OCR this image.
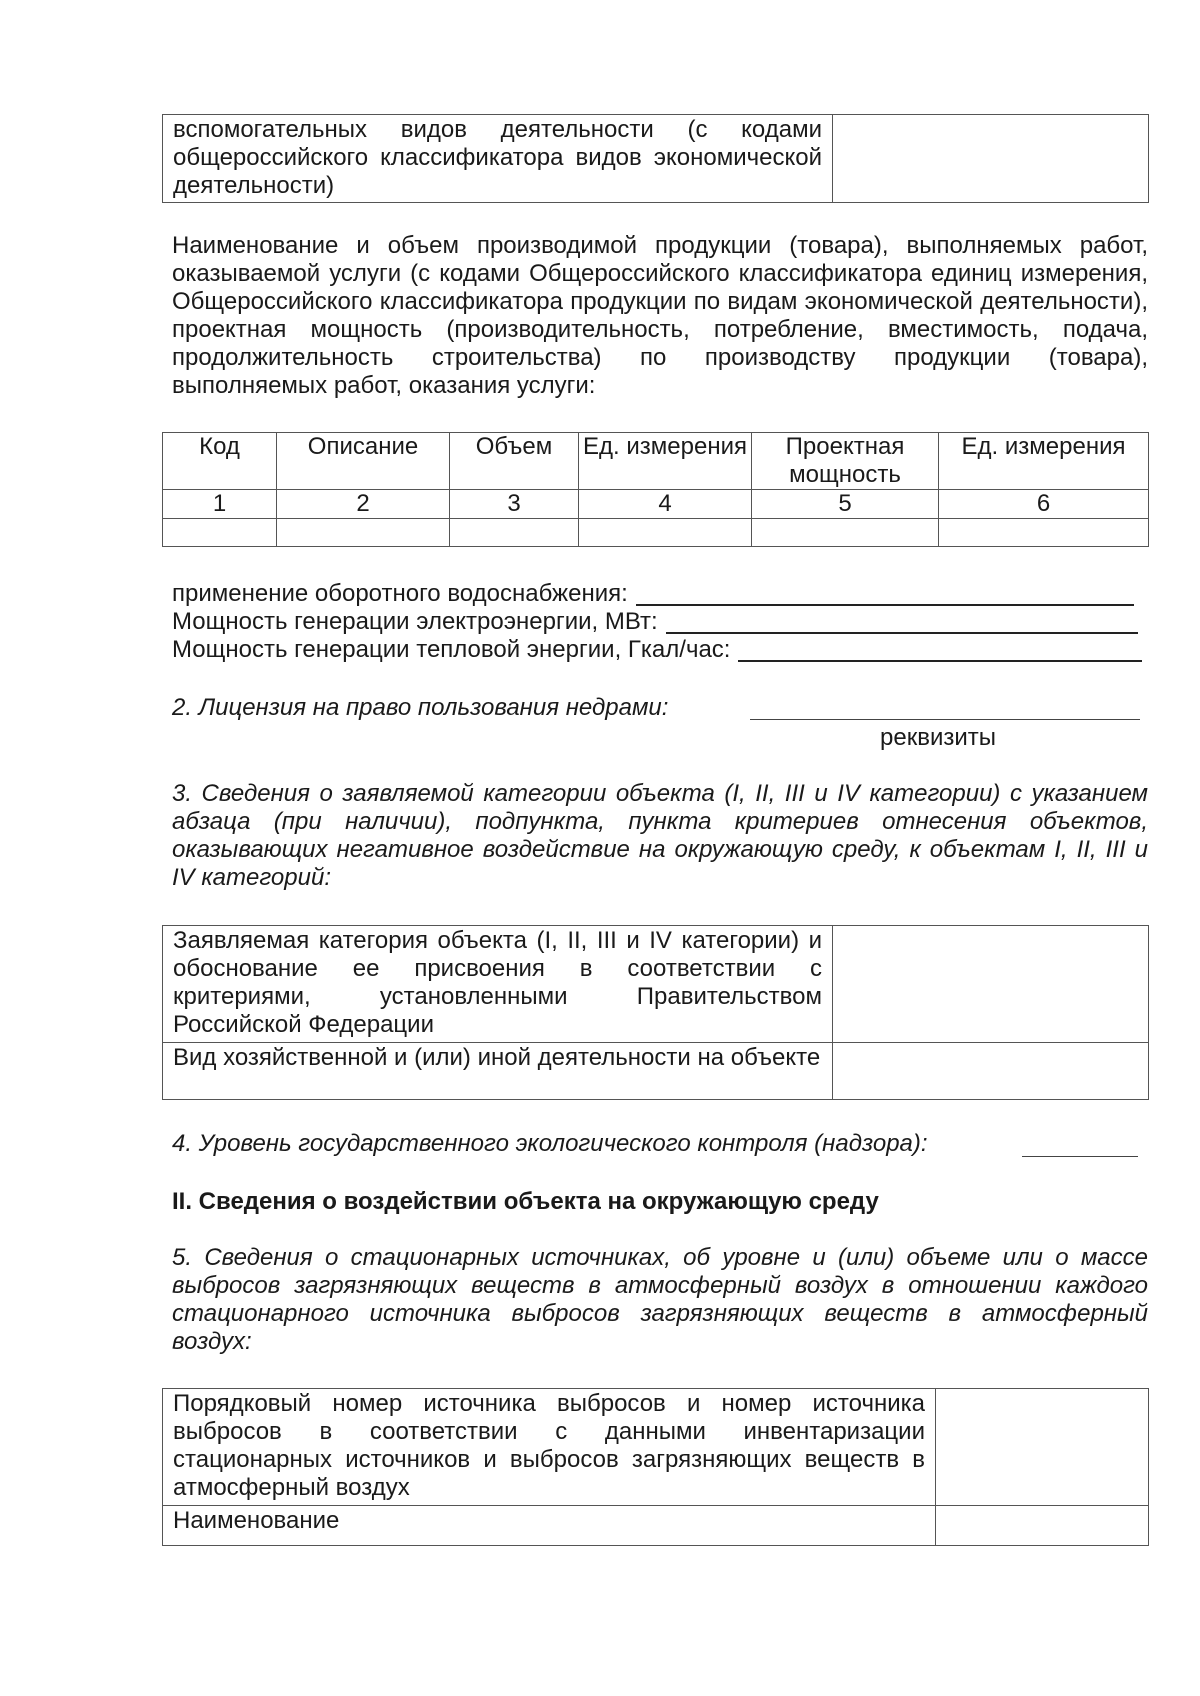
вспомогательных видов деятельности (с кодами общероссийского классификатора видов экономической деятельности)	
Наименование и объем производимой продукции (товара), выполняемых работ, оказываемой услуги (с кодами Общероссийского классификатора единиц измерения, Общероссийского классификатора продукции по видам экономической деятельности), проектная мощность (производительность, потребление, вместимость, подача, продолжительность строительства) по производству продукции (товара), выполняемых работ, оказания услуги:
Код	Описание	Объем	Ед. измерения	Проектная мощность	Ед. измерения
1	2	3	4	5	6

применение оборотного водоснабжения:
Мощность генерации электроэнергии, МВт:
Мощность генерации тепловой энергии, Гкал/час:
2. Лицензия на право пользования недрами:
реквизиты
3. Сведения о заявляемой категории объекта (I, II, III и IV категории) с указанием абзаца (при наличии), подпункта, пункта критериев отнесения объектов, оказывающих негативное воздействие на окружающую среду, к объектам I, II, III и IV категорий:
Заявляемая категория объекта (I, II, III и IV категории) и обоснование ее присвоения в соответствии с критериями, установленными Правительством Российской Федерации	
Вид хозяйственной и (или) иной деятельности на объекте	
4. Уровень государственного экологического контроля (надзора):
II. Сведения о воздействии объекта на окружающую среду
5. Сведения о стационарных источниках, об уровне и (или) объеме или о массе выбросов загрязняющих веществ в атмосферный воздух в отношении каждого стационарного источника выбросов загрязняющих веществ в атмосферный воздух:
Порядковый номер источника выбросов и номер источника выбросов в соответствии с данными инвентаризации стационарных источников и выбросов загрязняющих веществ в атмосферный воздух	
Наименование	
